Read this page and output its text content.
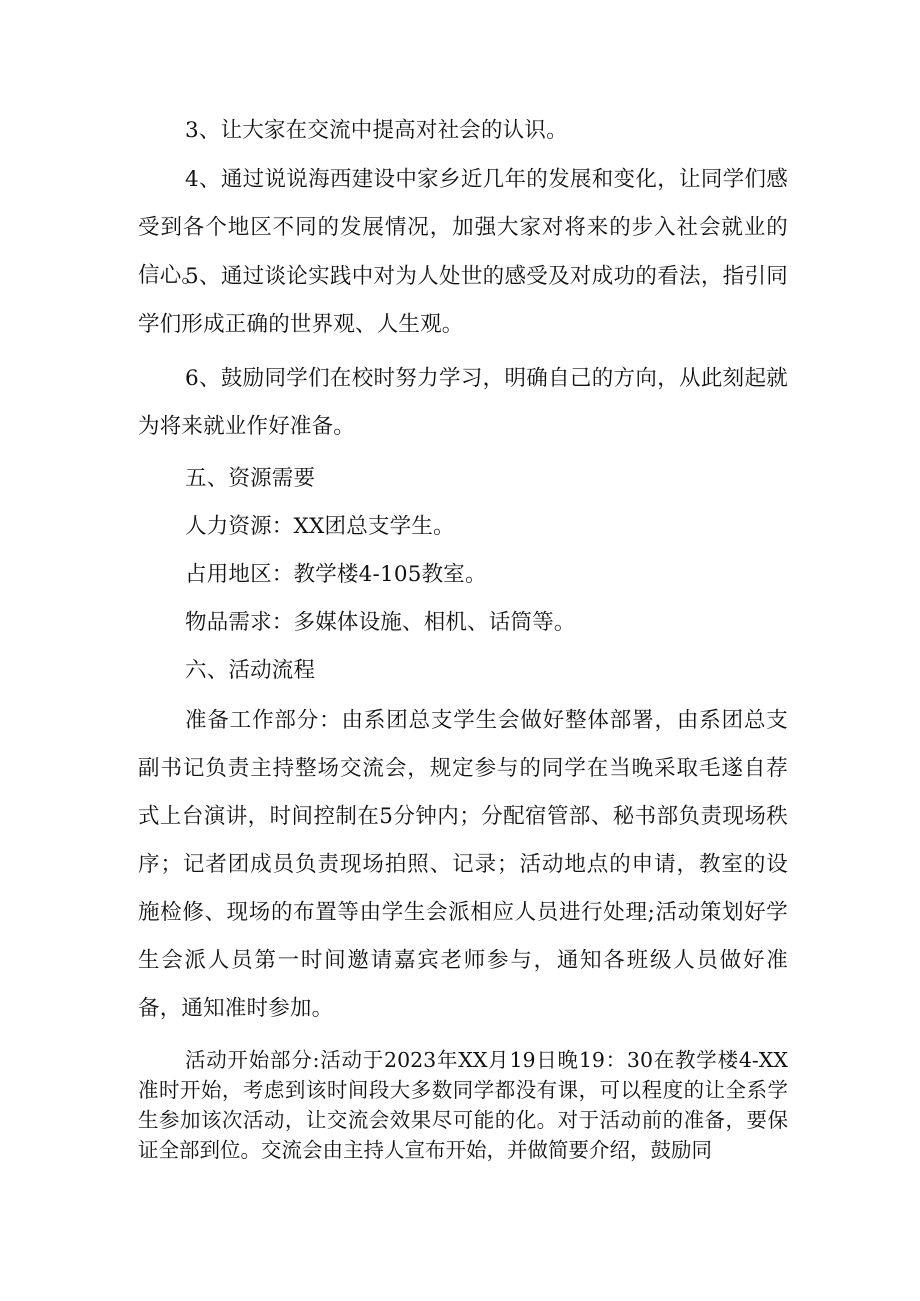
3、让大家在交流中提高对社会的认识。

4、通过说说海西建设中家乡近几年的发展和变化，让同学们感受到各个地区不同的发展情况，加强大家对将来的步入社会就业的信心。

5、通过谈论实践中对为人处世的感受及对成功的看法，指引同学们形成正确的世界观、人生观。

6、鼓励同学们在校时努力学习，明确自己的方向，从此刻起就为将来就业作好准备。

五、资源需要

人力资源：XX团总支学生。

占用地区：教学楼4-105教室。

物品需求：多媒体设施、相机、话筒等。

六、活动流程

准备工作部分：由系团总支学生会做好整体部署，由系团总支副书记负责主持整场交流会，规定参与的同学在当晚采取毛遂自荐式上台演讲，时间控制在5分钟内；分配宿管部、秘书部负责现场秩序；记者团成员负责现场拍照、记录；活动地点的申请，教室的设施检修、现场的布置等由学生会派相应人员进行处理;活动策划好学生会派人员第一时间邀请嘉宾老师参与，通知各班级人员做好准备，通知准时参加。

活动开始部分:活动于2023年XX月19日晚19：30在教学楼4-XX准时开始，考虑到该时间段大多数同学都没有课，可以程度的让全系学生参加该次活动，让交流会效果尽可能的化。对于活动前的准备，要保证全部到位。交流会由主持人宣布开始，并做简要介绍，鼓励同
